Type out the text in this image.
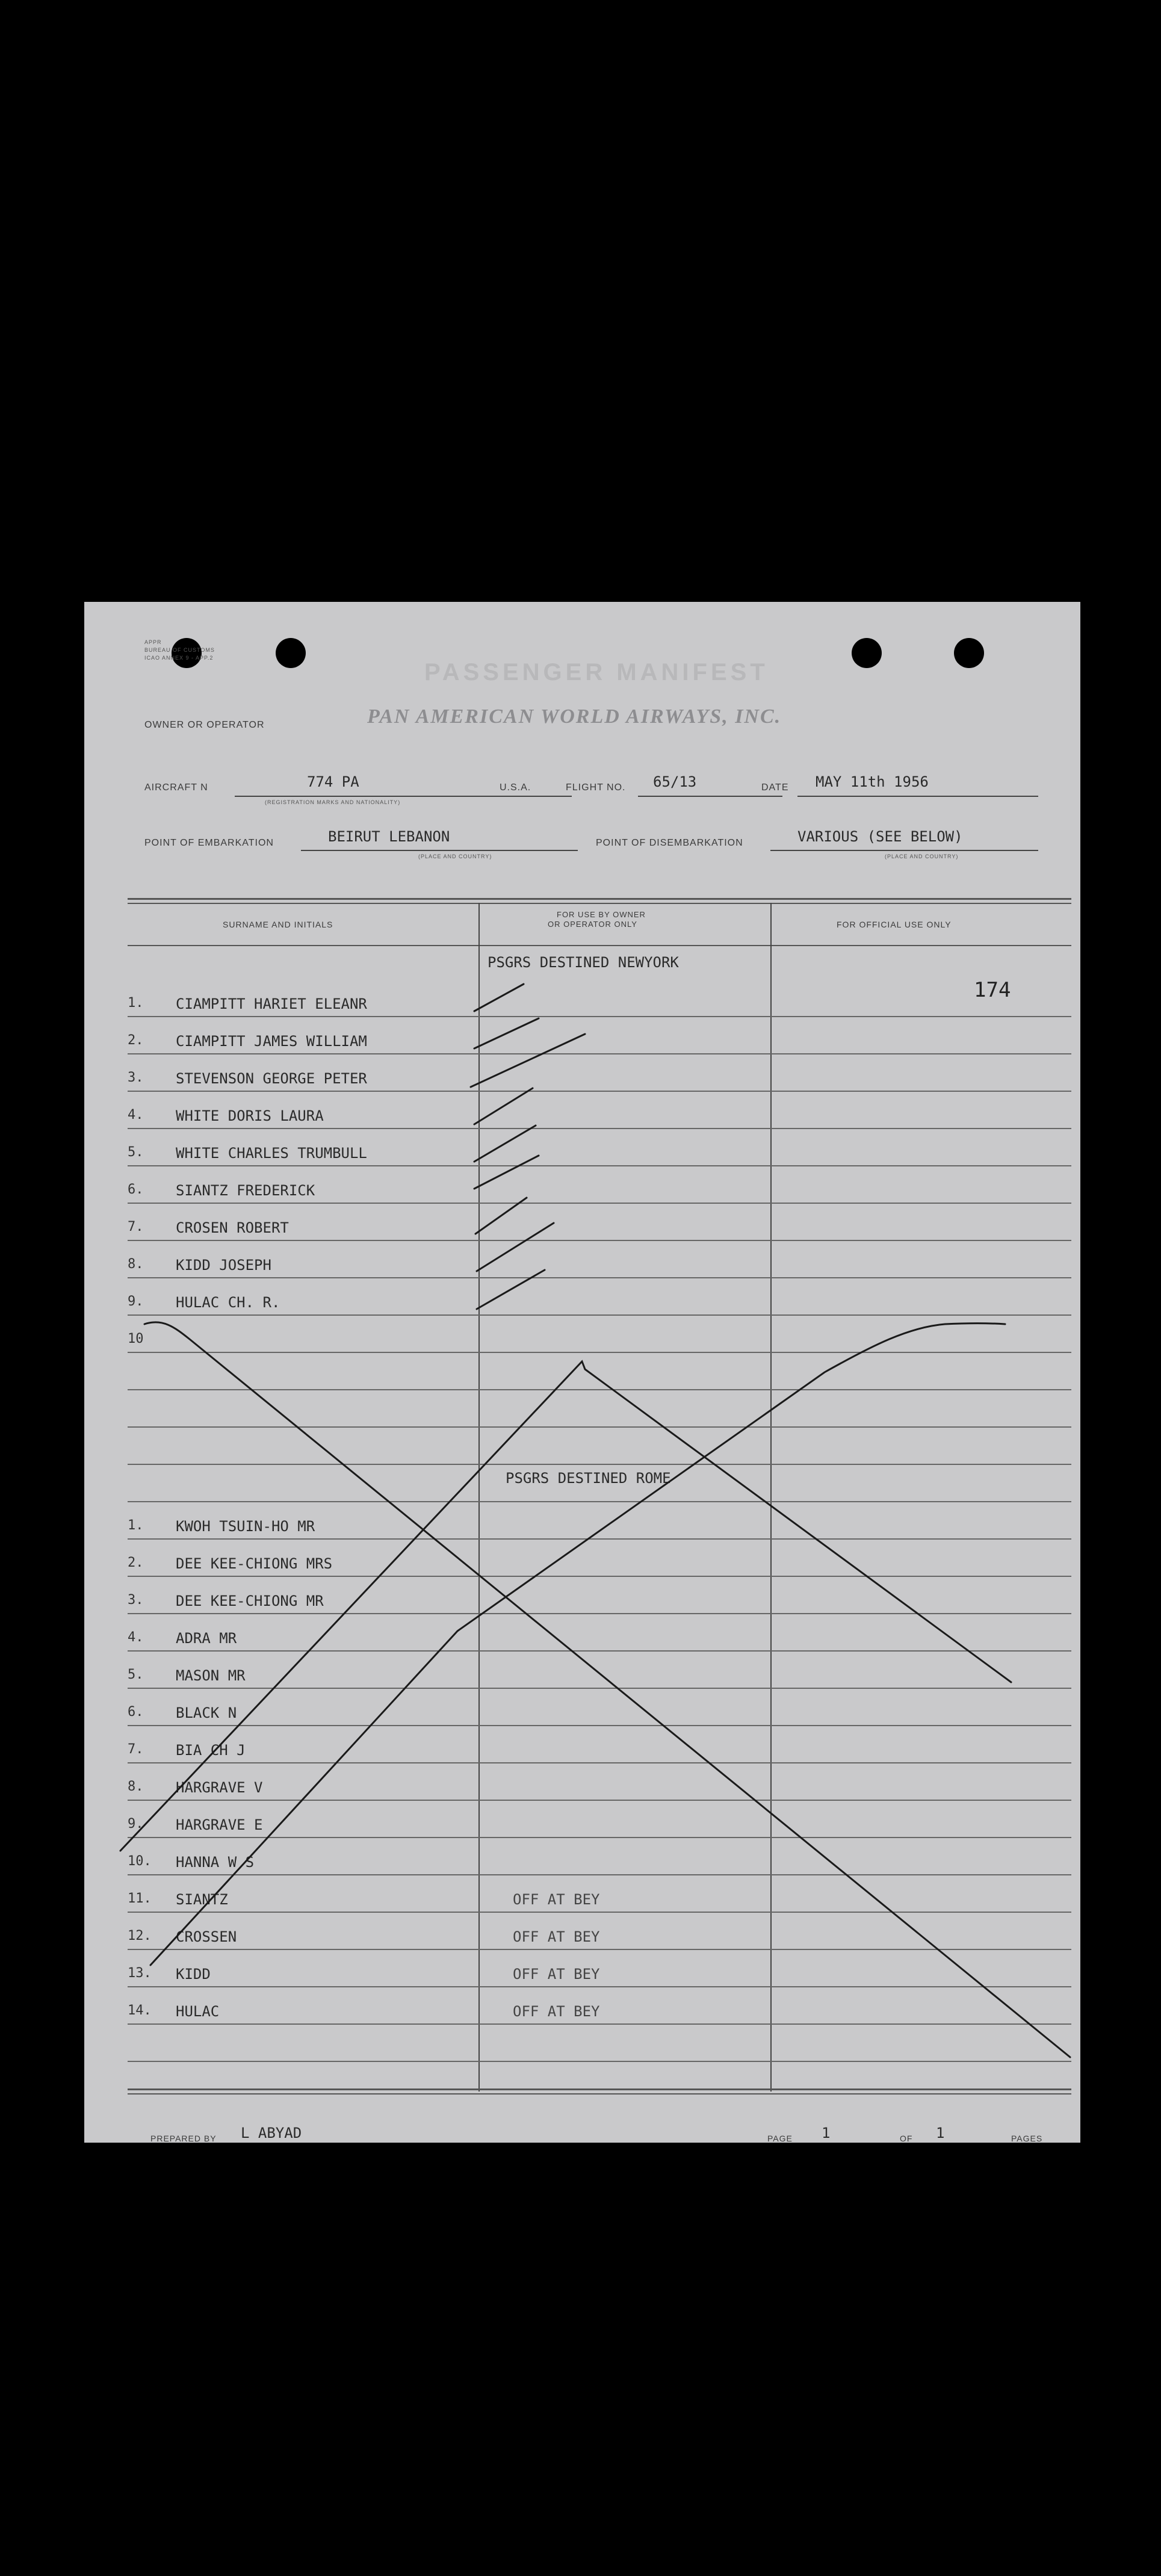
APPR
BUREAU OF CUSTOMS
ICAO ANNEX 9 - APP.2
PASSENGER MANIFEST
OWNER OR OPERATOR	PAN AMERICAN WORLD AIRWAYS, INC.
AIRCRAFT N	774 PA
(REGISTRATION MARKS AND NATIONALITY)
U.S.A.	FLIGHT NO. 65/13	DATE MAY 11th 1956
POINT OF EMBARKATION	BEIRUT LEBANON
(PLACE AND COUNTRY)
POINT OF DISEMBARKATION	VARIOUS (SEE BELOW)
(PLACE AND COUNTRY)
SURNAME AND INITIALS
FOR USE BY OWNER
OR OPERATOR ONLY	FOR OFFICIAL USE ONLY
PSGRS DESTINED NEWYORK
174
PSGRS DESTINED ROME
1. CIAMPITT HARIET ELEANR
2. CIAMPITT JAMES WILLIAM
3. STEVENSON GEORGE PETER
4. WHITE DORIS LAURA
5. WHITE CHARLES TRUMBULL
6. SIANTZ FREDERICK
7. CROSEN ROBERT
8. KIDD JOSEPH
9. HULAC CH. R.
10
1. KWOH TSUIN-HO MR
2. DEE KEE-CHIONG MRS
3. DEE KEE-CHIONG MR
4. ADRA MR
5. MASON MR
6. BLACK N
7. BIA CH J
8. HARGRAVE V
9. HARGRAVE E
10. HANNA W S
11. SIANTZ	OFF AT BEY
12. CROSSEN	OFF AT BEY
13. KIDD	OFF AT BEY
14. HULAC	OFF AT BEY
PREPARED BY L ABYAD	PAGE 1	OF 1	PAGES
